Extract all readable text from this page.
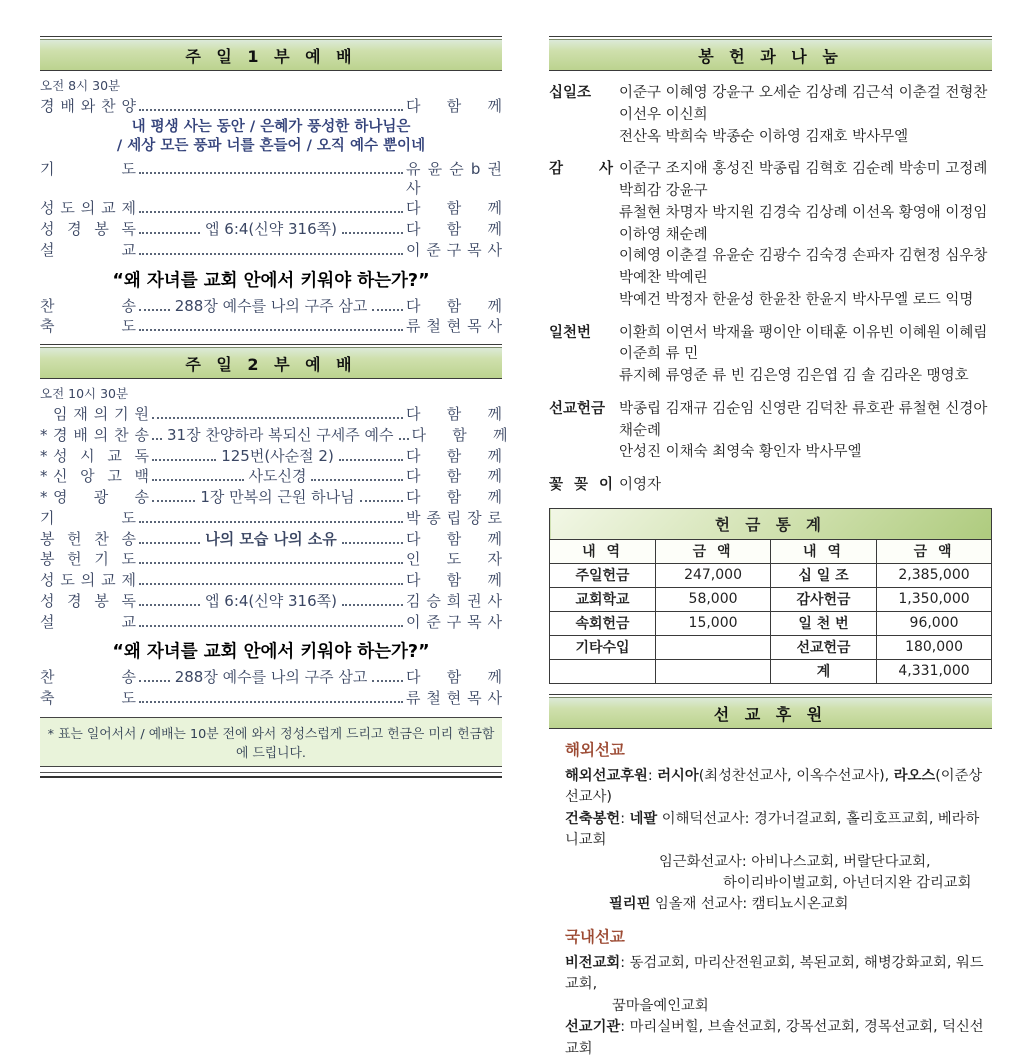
주 일 1 부 예 배
오전 8시 30분
경 배 와 찬 양	다 함 께
내 평생 사는 동안 / 은혜가 풍성한 하나님은
/ 세상 모든 풍파 너를 흔들어 / 오직 예수 뿐이네
기 도	유 윤 순 b 권 사
성 도 의 교 제	다 함 께
성 경 봉 독	엡 6:4(신약 316쪽)	다 함 께
설 교	이 준 구 목 사
“왜 자녀를 교회 안에서 키워야 하는가?”
찬 송	288장 예수를 나의 구주 삼고	다 함 께
축 도	류 철 현 목 사
주 일 2 부 예 배
오전 10시 30분
임 재 의 기 원	다 함 께
* 경 배 의 찬 송 31장 찬양하라 복되신 구세주 예수 다 함 께
* 성 시 교 독	125번(사순절 2)	다 함 께
* 신 앙 고 백	사도신경	다 함 께
* 영 광 송	1장 만복의 근원 하나님	다 함 께
기 도	박 종 립 장 로
봉 헌 찬 송	나의 모습 나의 소유	다 함 께
봉 헌 기 도	인 도 자
성 도 의 교 제	다 함 께
성 경 봉 독	엡 6:4(신약 316쪽)	김 승 희 권 사
설 교	이 준 구 목 사
“왜 자녀를 교회 안에서 키워야 하는가?”
찬 송	288장 예수를 나의 구주 삼고	다 함 께
축 도	류 철 현 목 사
* 표는 일어서서 / 예배는 10분 전에 와서 정성스럽게 드리고 헌금은 미리 헌금함에 드립니다.
봉 헌 과 나 눔
십일조	이준구 이혜영 강윤구 오세순 김상례 김근석 이춘걸 전형찬 이선우 이신희
전산옥 박희숙 박종순 이하영 김재호 박사무엘
감 사 이준구 조지애 홍성진 박종립 김혁호 김순례 박송미 고정례 박희감 강윤구
류철현 차명자 박지원 김경숙 김상례 이선옥 황영애 이정임 이하영 채순례
이혜영 이춘걸 유윤순 김광수 김숙경 손파자 김현정 심우창 박예찬 박예린
박예건 박정자 한윤성 한윤찬 한윤지 박사무엘 로드 익명
일천번	이환희 이연서 박재율 팽이안 이태훈 이유빈 이혜원 이혜림 이준희 류 민
류지혜 류영준 류 빈 김은영 김은엽 김 솔 김라온 맹영호
선교헌금 박종립 김재규 김순임 신영란 김덕찬 류호관 류철현 신경아 채순례
안성진 이채숙 최영숙 황인자 박사무엘
꽃 꽂 이 이영자
헌 금 통 계			
내 역	금 액	내 역	금 액
주일헌금	247,000	십 일 조	2,385,000
교회학교	58,000	감사헌금	1,350,000
속회헌금	15,000	일 천 번	96,000
기타수입		선교헌금	180,000
		계	4,331,000
선 교 후 원
해외선교
해외선교후원: 러시아(최성찬선교사, 이옥수선교사), 라오스(이준상선교사)
건축봉헌: 네팔 이해덕선교사: 경가너걸교회, 홀리호프교회, 베라하니교회
임근화선교사: 아비나스교회, 버랄단다교회,
하이리바이벌교회, 아넌더지완 감리교회
필리핀 임올재 선교사: 캠티뇨시온교회
국내선교
비전교회: 동검교회, 마리산전원교회, 복된교회, 해병강화교회, 워드교회,
꿈마을예인교회
선교기관: 마리실버힐, 브솔선교회, 강목선교회, 경목선교회, 덕신선교회
